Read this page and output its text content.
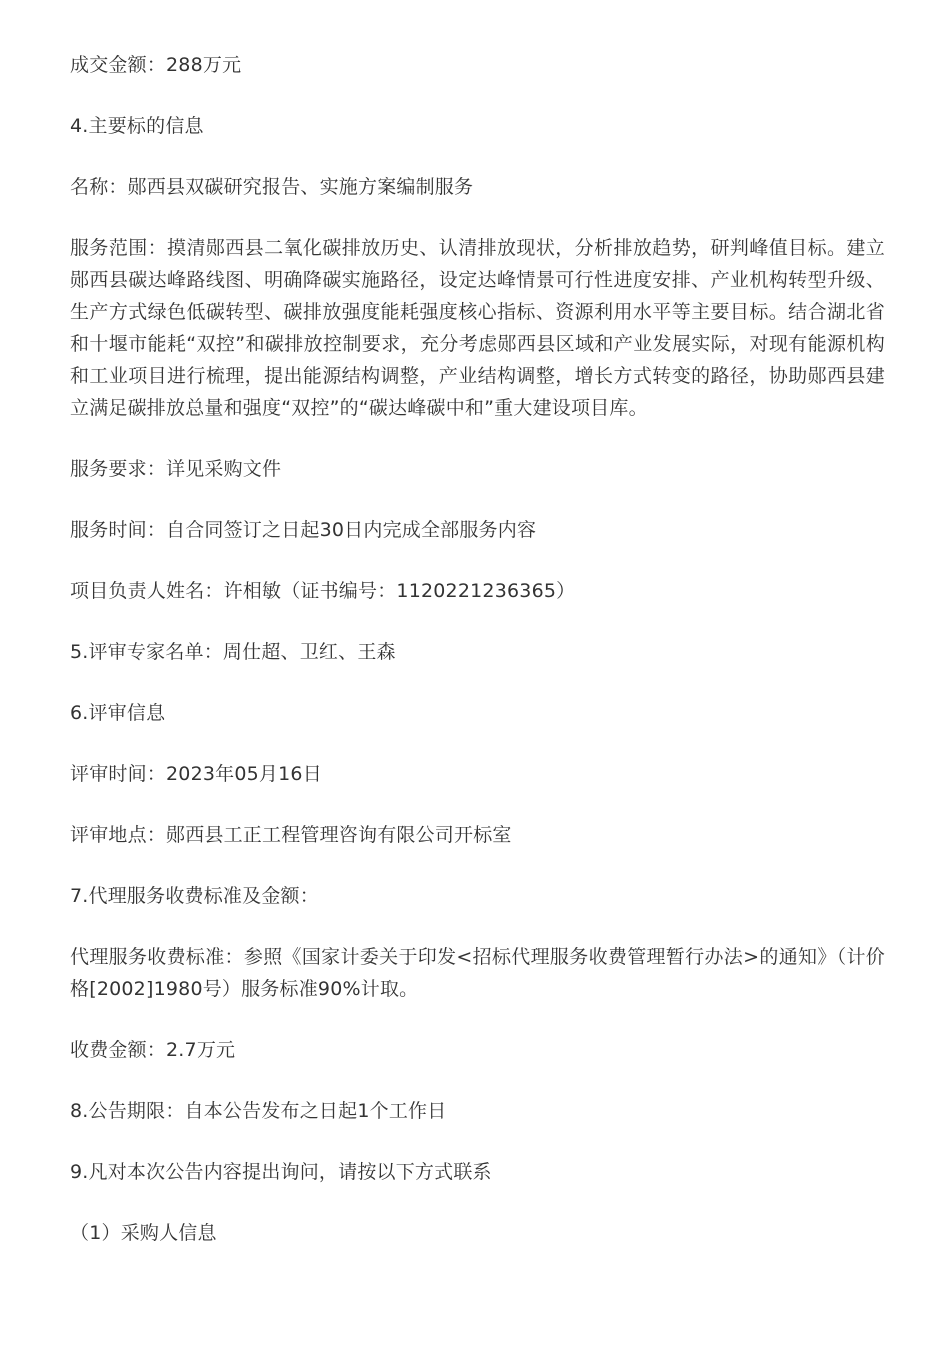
成交金额：288万元

4.主要标的信息

名称：郧西县双碳研究报告、实施方案编制服务

服务范围：摸清郧西县二氧化碳排放历史、认清排放现状，分析排放趋势，研判峰值目标。建立郧西县碳达峰路线图、明确降碳实施路径，设定达峰情景可行性进度安排、产业机构转型升级、生产方式绿色低碳转型、碳排放强度能耗强度核心指标、资源利用水平等主要目标。结合湖北省和十堰市能耗“双控”和碳排放控制要求，充分考虑郧西县区域和产业发展实际，对现有能源机构和工业项目进行梳理，提出能源结构调整，产业结构调整，增长方式转变的路径，协助郧西县建立满足碳排放总量和强度“双控”的“碳达峰碳中和”重大建设项目库。

服务要求：详见采购文件

服务时间：自合同签订之日起30日内完成全部服务内容

项目负责人姓名：许相敏（证书编号：1120221236365）

5.评审专家名单：周仕超、卫红、王森

6.评审信息

评审时间：2023年05月16日

评审地点：郧西县工正工程管理咨询有限公司开标室

7.代理服务收费标准及金额：

代理服务收费标准：参照《国家计委关于印发<招标代理服务收费管理暂行办法>的通知》（计价格[2002]1980号）服务标准90%计取。

收费金额：2.7万元

8.公告期限：自本公告发布之日起1个工作日

9.凡对本次公告内容提出询问，请按以下方式联系

（1）采购人信息
